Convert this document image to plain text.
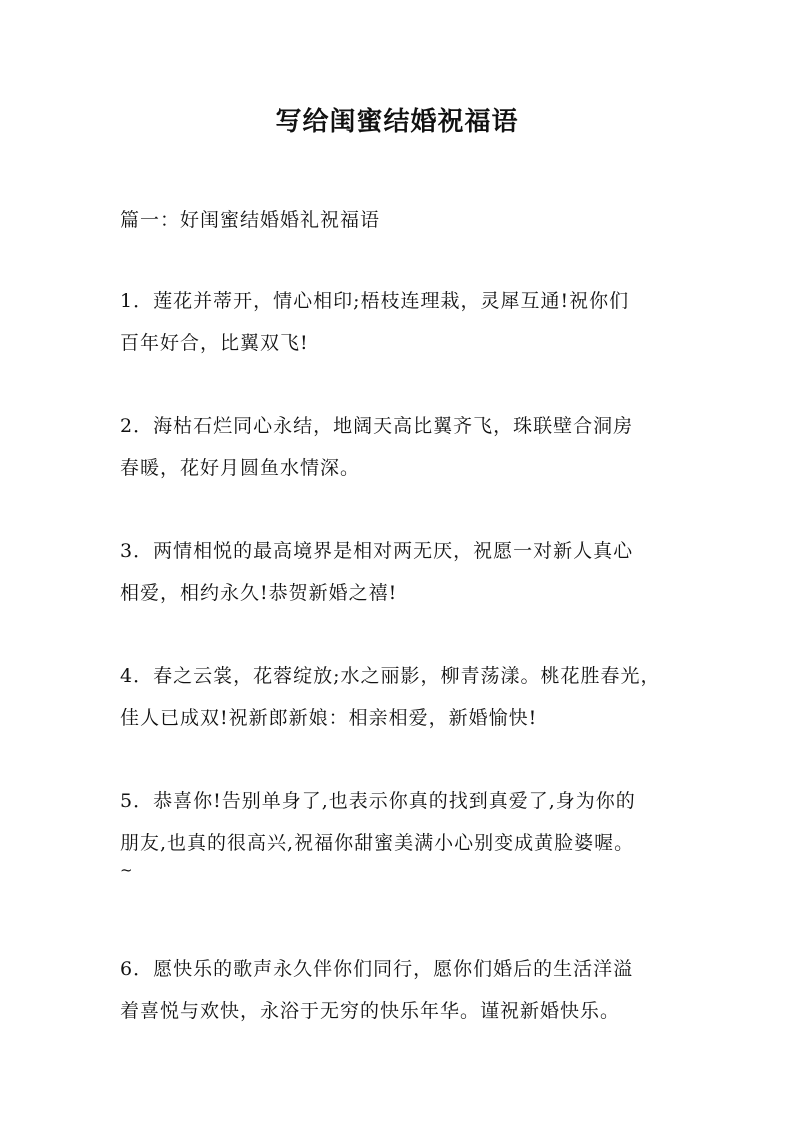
写给闺蜜结婚祝福语
篇一：好闺蜜结婚婚礼祝福语
1．莲花并蒂开，情心相印;梧枝连理栽，灵犀互通!祝你们
百年好合，比翼双飞!
2．海枯石烂同心永结，地阔天高比翼齐飞，珠联壁合洞房
春暖，花好月圆鱼水情深。
3．两情相悦的最高境界是相对两无厌，祝愿一对新人真心
相爱，相约永久!恭贺新婚之禧!
4．春之云裳，花蓉绽放;水之丽影，柳青荡漾。桃花胜春光，
佳人已成双!祝新郎新娘：相亲相爱，新婚愉快!
5．恭喜你!告别单身了,也表示你真的找到真爱了,身为你的
朋友,也真的很高兴,祝福你甜蜜美满小心别变成黄脸婆喔。
~
6．愿快乐的歌声永久伴你们同行，愿你们婚后的生活洋溢
着喜悦与欢快，永浴于无穷的快乐年华。谨祝新婚快乐。
